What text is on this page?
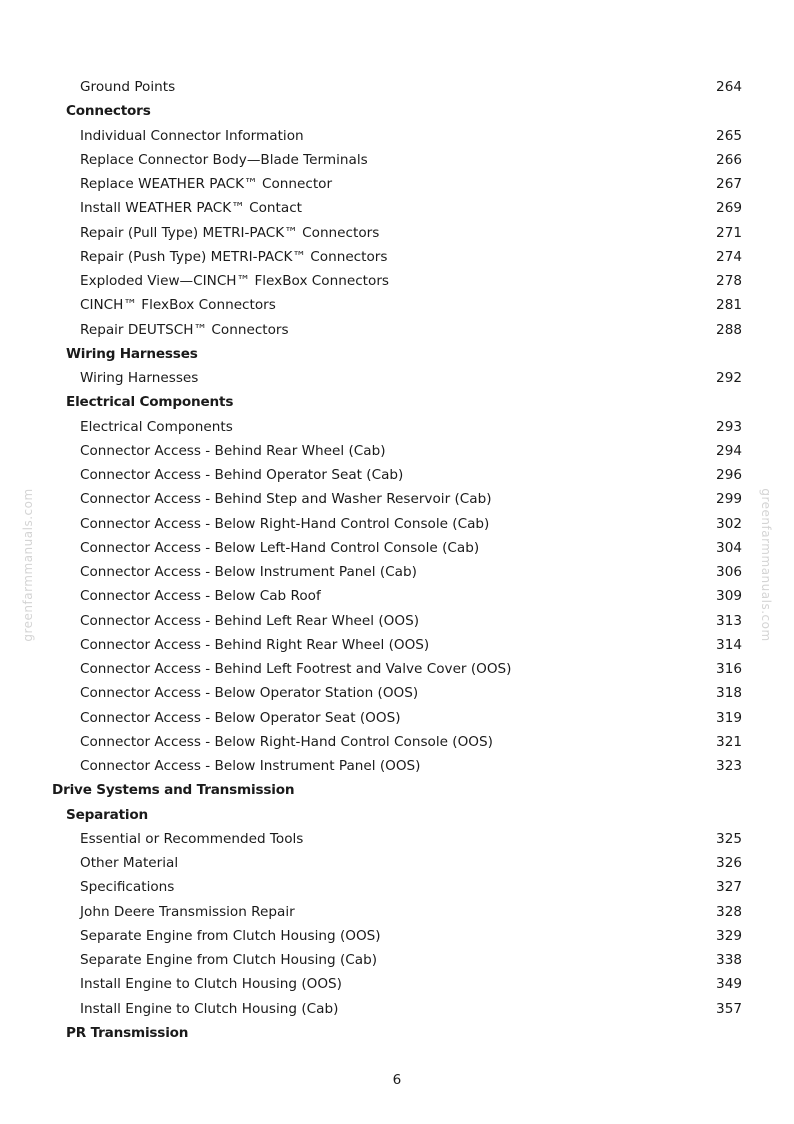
greenfarmmanuals.com	greenfarmmanuals.com
Ground Points	264
Connectors
Individual Connector Information	265
Replace Connector Body—Blade Terminals	266
Replace WEATHER PACK™ Connector	267
Install WEATHER PACK™ Contact	269
Repair (Pull Type) METRI-PACK™ Connectors	271
Repair (Push Type) METRI-PACK™ Connectors	274
Exploded View—CINCH™ FlexBox Connectors	278
CINCH™ FlexBox Connectors	281
Repair DEUTSCH™ Connectors	288
Wiring Harnesses
Wiring Harnesses	292
Electrical Components
Electrical Components	293
Connector Access - Behind Rear Wheel (Cab)	294
Connector Access - Behind Operator Seat (Cab)	296
Connector Access - Behind Step and Washer Reservoir (Cab)	299
Connector Access - Below Right-Hand Control Console (Cab)	302
Connector Access - Below Left-Hand Control Console (Cab)	304
Connector Access - Below Instrument Panel (Cab)	306
Connector Access - Below Cab Roof	309
Connector Access - Behind Left Rear Wheel (OOS)	313
Connector Access - Behind Right Rear Wheel (OOS)	314
Connector Access - Behind Left Footrest and Valve Cover (OOS)	316
Connector Access - Below Operator Station (OOS)	318
Connector Access - Below Operator Seat (OOS)	319
Connector Access - Below Right-Hand Control Console (OOS)	321
Connector Access - Below Instrument Panel (OOS)	323
Drive Systems and Transmission
Separation
Essential or Recommended Tools	325
Other Material	326
Specifications	327
John Deere Transmission Repair	328
Separate Engine from Clutch Housing (OOS)	329
Separate Engine from Clutch Housing (Cab)	338
Install Engine to Clutch Housing (OOS)	349
Install Engine to Clutch Housing (Cab)	357
PR Transmission
6
